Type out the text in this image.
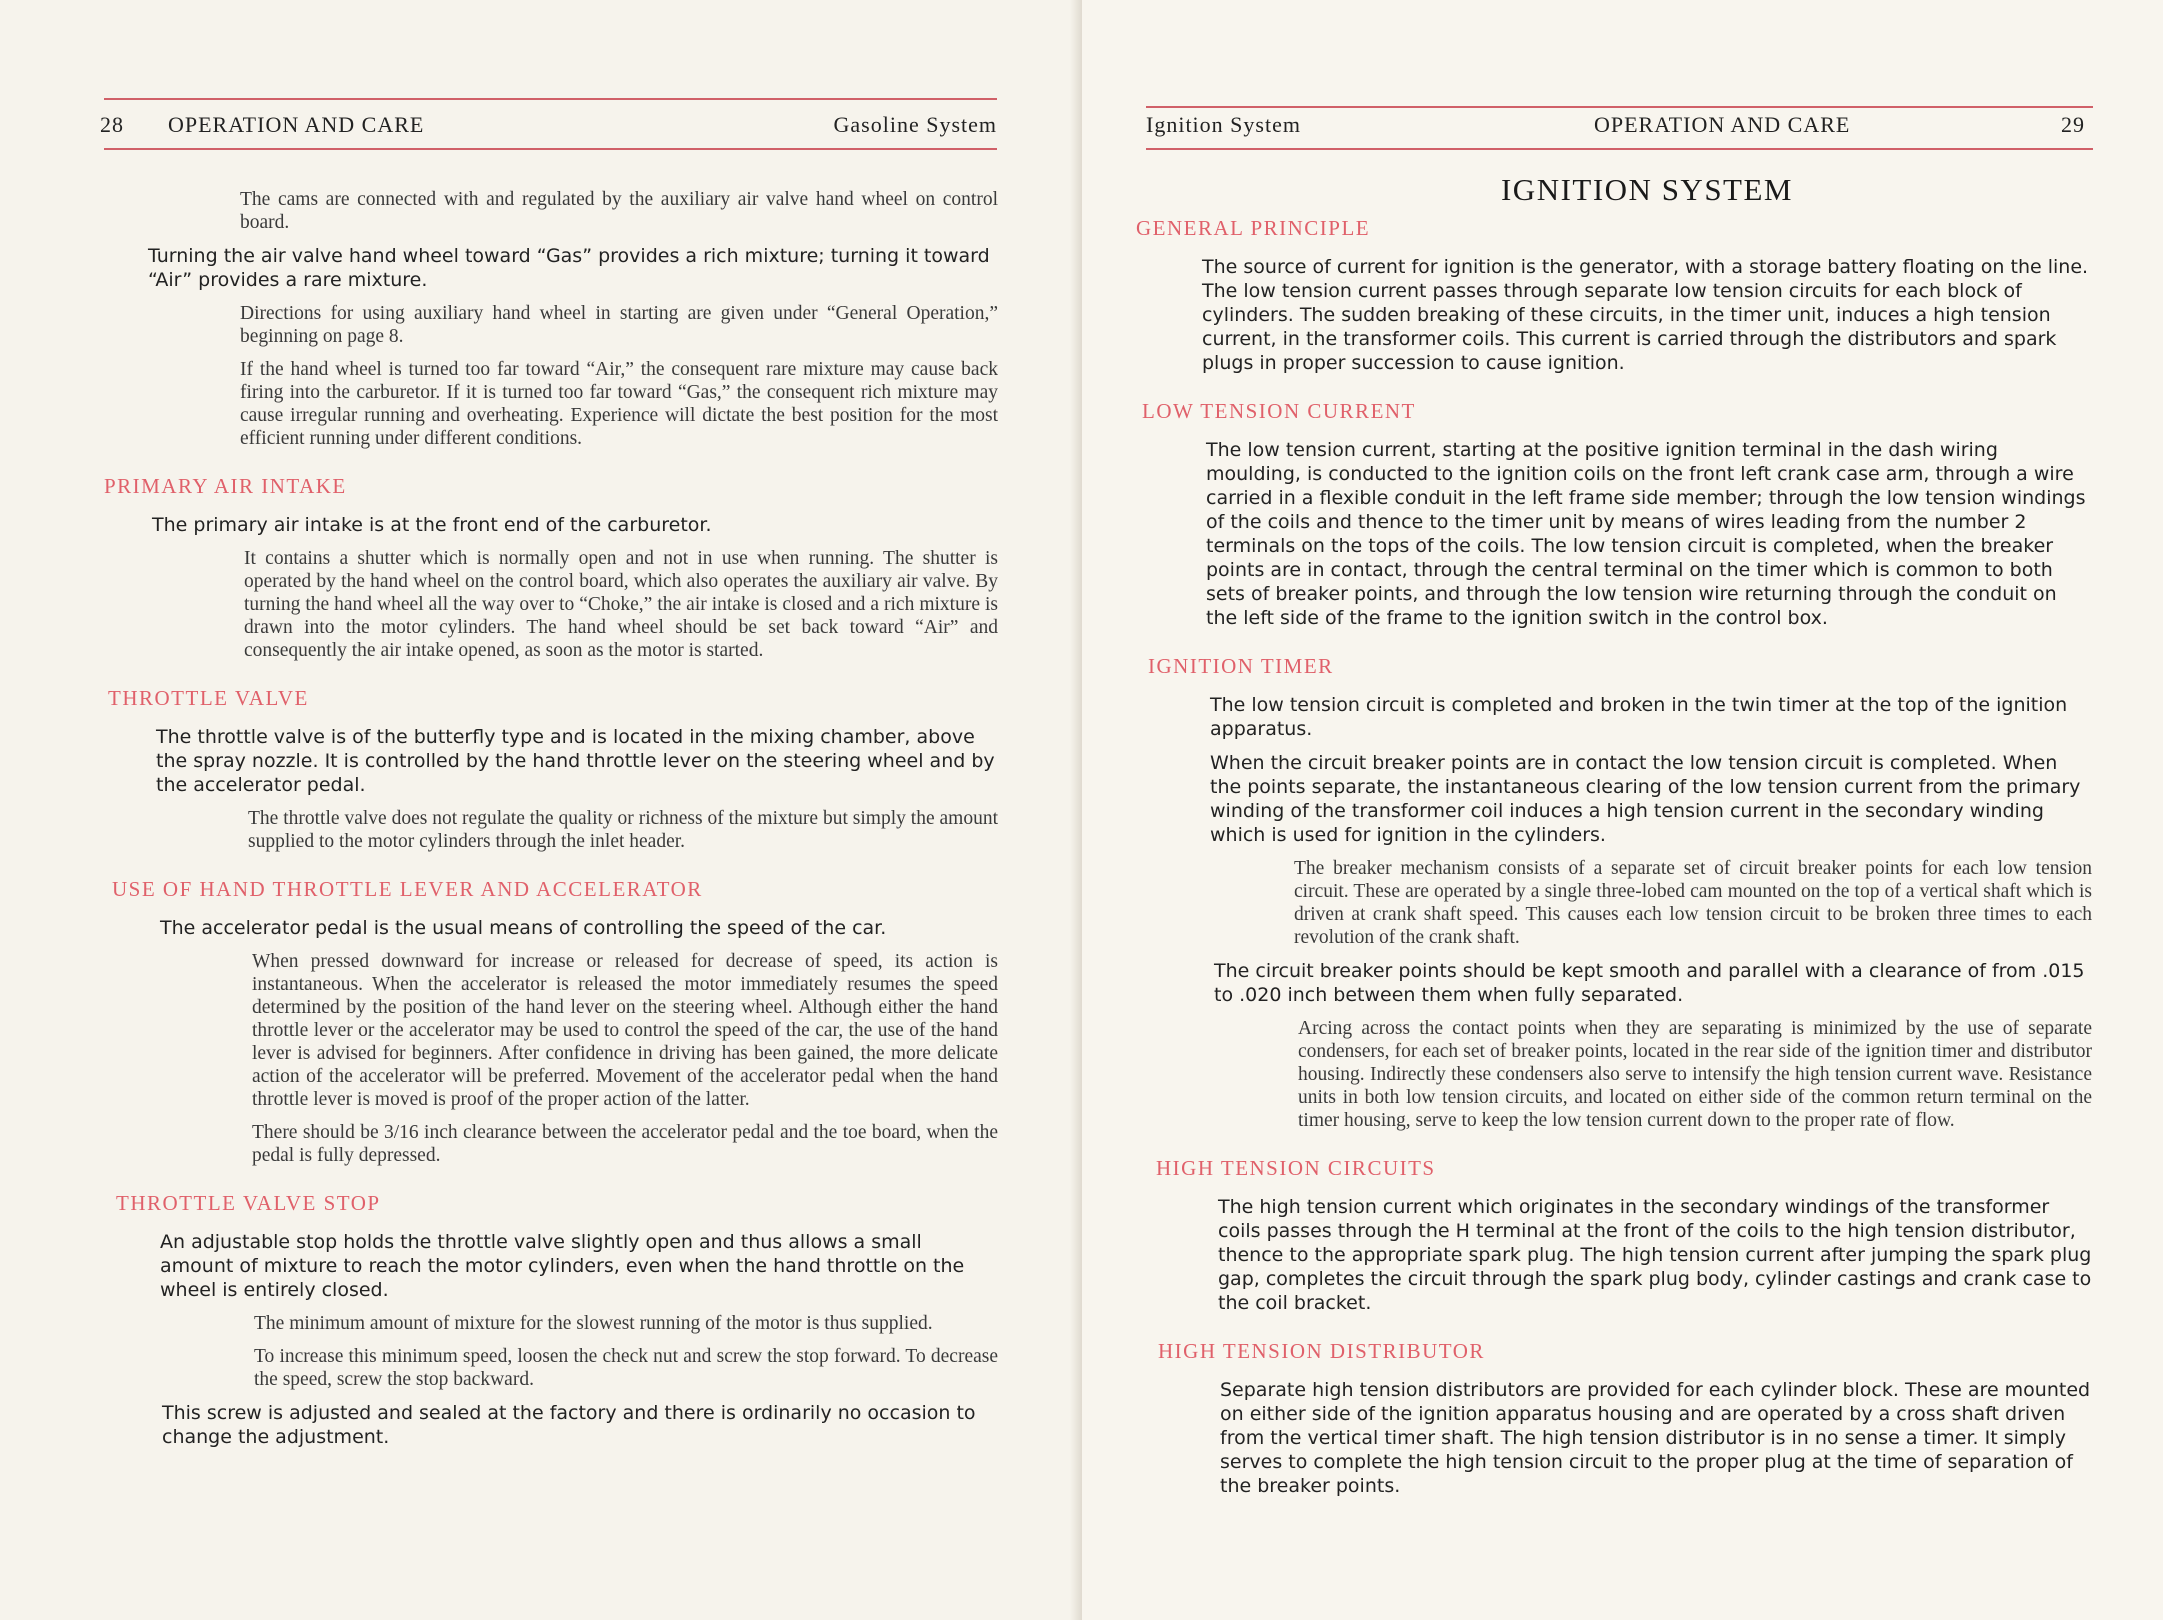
28 OPERATION AND CARE	Gasoline System

The cams are connected with and regulated by the auxiliary air valve hand wheel on control board.

Turning the air valve hand wheel toward “Gas” provides a rich mixture; turning it toward “Air” provides a rare mixture.

Directions for using auxiliary hand wheel in starting are given under “General Operation,” beginning on page 8.

If the hand wheel is turned too far toward “Air,” the consequent rare mixture may cause back firing into the carburetor. If it is turned too far toward “Gas,” the consequent rich mixture may cause irregular running and overheating. Experience will dictate the best position for the most efficient running under different conditions.

PRIMARY AIR INTAKE

The primary air intake is at the front end of the carburetor.

It contains a shutter which is normally open and not in use when running. The shutter is operated by the hand wheel on the control board, which also operates the auxiliary air valve. By turning the hand wheel all the way over to “Choke,” the air intake is closed and a rich mixture is drawn into the motor cylinders. The hand wheel should be set back toward “Air” and consequently the air intake opened, as soon as the motor is started.

THROTTLE VALVE

The throttle valve is of the butterfly type and is located in the mixing chamber, above the spray nozzle. It is controlled by the hand throttle lever on the steering wheel and by the accelerator pedal.

The throttle valve does not regulate the quality or richness of the mixture but simply the amount supplied to the motor cylinders through the inlet header.

USE OF HAND THROTTLE LEVER AND ACCELERATOR

The accelerator pedal is the usual means of controlling the speed of the car.

When pressed downward for increase or released for decrease of speed, its action is instantaneous. When the accelerator is released the motor immediately resumes the speed determined by the position of the hand lever on the steering wheel. Although either the hand throttle lever or the accelerator may be used to control the speed of the car, the use of the hand lever is advised for beginners. After confidence in driving has been gained, the more delicate action of the accelerator will be preferred. Movement of the accelerator pedal when the hand throttle lever is moved is proof of the proper action of the latter.

There should be 3/16 inch clearance between the accelerator pedal and the toe board, when the pedal is fully depressed.

THROTTLE VALVE STOP

An adjustable stop holds the throttle valve slightly open and thus allows a small amount of mixture to reach the motor cylinders, even when the hand throttle on the wheel is entirely closed.

The minimum amount of mixture for the slowest running of the motor is thus supplied.

To increase this minimum speed, loosen the check nut and screw the stop forward. To decrease the speed, screw the stop backward.

This screw is adjusted and sealed at the factory and there is ordinarily no occasion to change the adjustment.

Ignition System	OPERATION AND CARE	29
IGNITION SYSTEM
GENERAL PRINCIPLE

The source of current for ignition is the generator, with a storage battery floating on the line. The low tension current passes through separate low tension circuits for each block of cylinders. The sudden breaking of these circuits, in the timer unit, induces a high tension current, in the transformer coils. This current is carried through the distributors and spark plugs in proper succession to cause ignition.

LOW TENSION CURRENT

The low tension current, starting at the positive ignition terminal in the dash wiring moulding, is conducted to the ignition coils on the front left crank case arm, through a wire carried in a flexible conduit in the left frame side member; through the low tension windings of the coils and thence to the timer unit by means of wires leading from the number 2 terminals on the tops of the coils. The low tension circuit is completed, when the breaker points are in contact, through the central terminal on the timer which is common to both sets of breaker points, and through the low tension wire returning through the conduit on the left side of the frame to the ignition switch in the control box.

IGNITION TIMER

The low tension circuit is completed and broken in the twin timer at the top of the ignition apparatus.

When the circuit breaker points are in contact the low tension circuit is completed. When the points separate, the instantaneous clearing of the low tension current from the primary winding of the transformer coil induces a high tension current in the secondary winding which is used for ignition in the cylinders.

The breaker mechanism consists of a separate set of circuit breaker points for each low tension circuit. These are operated by a single three-lobed cam mounted on the top of a vertical shaft which is driven at crank shaft speed. This causes each low tension circuit to be broken three times to each revolution of the crank shaft.

The circuit breaker points should be kept smooth and parallel with a clearance of from .015 to .020 inch between them when fully separated.

Arcing across the contact points when they are separating is minimized by the use of separate condensers, for each set of breaker points, located in the rear side of the ignition timer and distributor housing. Indirectly these condensers also serve to intensify the high tension current wave. Resistance units in both low tension circuits, and located on either side of the common return terminal on the timer housing, serve to keep the low tension current down to the proper rate of flow.

HIGH TENSION CIRCUITS

The high tension current which originates in the secondary windings of the transformer coils passes through the H terminal at the front of the coils to the high tension distributor, thence to the appropriate spark plug. The high tension current after jumping the spark plug gap, completes the circuit through the spark plug body, cylinder castings and crank case to the coil bracket.

HIGH TENSION DISTRIBUTOR

Separate high tension distributors are provided for each cylinder block. These are mounted on either side of the ignition apparatus housing and are operated by a cross shaft driven from the vertical timer shaft. The high tension distributor is in no sense a timer. It simply serves to complete the high tension circuit to the proper plug at the time of separation of the breaker points.
